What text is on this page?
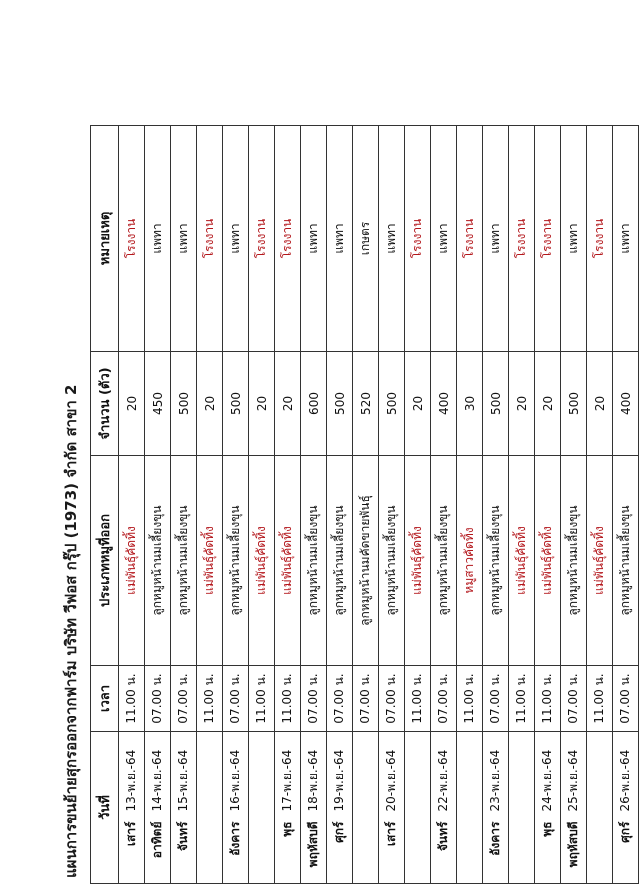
แผนการขนย้ายสุกรออกจากฟาร์ม บริษัท วีฟอส กรุ๊ป (1973) จำกัด สาขา 2	วันที่		เวลา	ประเภทหมูที่ออก	จำนวน (ตัว)	หมายเหตุ
เสาร์	13-พ.ย.-64	11.00 น.	แม่พันธุ์คัดทิ้ง	20	โรงงาน
อาทิตย์	14-พ.ย.-64	07.00 น.	ลูกหมูหน้านมเลี้ยงขุน	450	แพทา
จันทร์	15-พ.ย.-64	07.00 น.	ลูกหมูหน้านมเลี้ยงขุน	500	แพทา
		11.00 น.	แม่พันธุ์คัดทิ้ง	20	โรงงาน
อังคาร	16-พ.ย.-64	07.00 น.	ลูกหมูหน้านมเลี้ยงขุน	500	แพทา
		11.00 น.	แม่พันธุ์คัดทิ้ง	20	โรงงาน
พุธ	17-พ.ย.-64	11.00 น.	แม่พันธุ์คัดทิ้ง	20	โรงงาน
พฤหัสบดี	18-พ.ย.-64	07.00 น.	ลูกหมูหน้านมเลี้ยงขุน	600	แพทา
ศุกร์	19-พ.ย.-64	07.00 น.	ลูกหมูหน้านมเลี้ยงขุน	500	แพทา
		07.00 น.	ลูกหมูหน้านมคัดขายพันธุ์	520	เกษตร
เสาร์	20-พ.ย.-64	07.00 น.	ลูกหมูหน้านมเลี้ยงขุน	500	แพทา
		11.00 น.	แม่พันธุ์คัดทิ้ง	20	โรงงาน
จันทร์	22-พ.ย.-64	07.00 น.	ลูกหมูหน้านมเลี้ยงขุน	400	แพทา
		11.00 น.	หมูสาวคัดทิ้ง	30	โรงงาน
อังคาร	23-พ.ย.-64	07.00 น.	ลูกหมูหน้านมเลี้ยงขุน	500	แพทา
		11.00 น.	แม่พันธุ์คัดทิ้ง	20	โรงงาน
พุธ	24-พ.ย.-64	11.00 น.	แม่พันธุ์คัดทิ้ง	20	โรงงาน
พฤหัสบดี	25-พ.ย.-64	07.00 น.	ลูกหมูหน้านมเลี้ยงขุน	500	แพทา
		11.00 น.	แม่พันธุ์คัดทิ้ง	20	โรงงาน
ศุกร์	26-พ.ย.-64	07.00 น.	ลูกหมูหน้านมเลี้ยงขุน	400	แพทา
